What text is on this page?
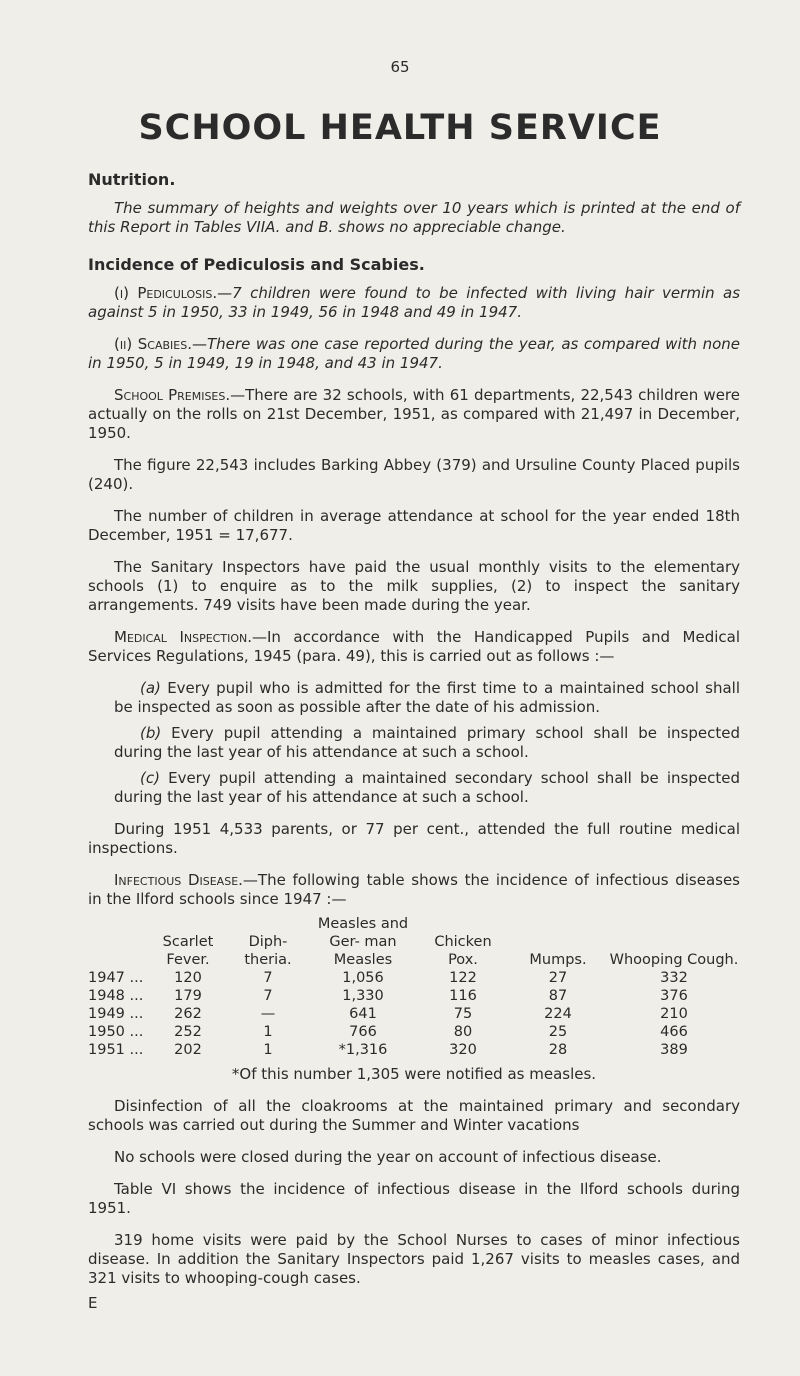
65
SCHOOL HEALTH SERVICE

Nutrition.

The summary of heights and weights over 10 years which is printed at the end of this Report in Tables VIIA. and B. shows no appreciable change.

Incidence of Pediculosis and Scabies.

(i) Pediculosis.—7 children were found to be infected with living hair vermin as against 5 in 1950, 33 in 1949, 56 in 1948 and 49 in 1947.

(ii) Scabies.—There was one case reported during the year, as compared with none in 1950, 5 in 1949, 19 in 1948, and 43 in 1947.

School Premises.—There are 32 schools, with 61 departments, 22,543 children were actually on the rolls on 21st December, 1951, as compared with 21,497 in December, 1950.

The figure 22,543 includes Barking Abbey (379) and Ursuline County Placed pupils (240).

The number of children in average attendance at school for the year ended 18th December, 1951 = 17,677.

The Sanitary Inspectors have paid the usual monthly visits to the elementary schools (1) to enquire as to the milk supplies, (2) to inspect the sanitary arrangements. 749 visits have been made during the year.

Medical Inspection.—In accordance with the Handicapped Pupils and Medical Services Regulations, 1945 (para. 49), this is carried out as follows :—

(a) Every pupil who is admitted for the first time to a maintained school shall be inspected as soon as possible after the date of his admission.

(b) Every pupil attending a maintained primary school shall be inspected during the last year of his attendance at such a school.

(c) Every pupil attending a maintained secondary school shall be inspected during the last year of his attendance at such a school.

During 1951 4,533 parents, or 77 per cent., attended the full routine medical inspections.

Infectious Disease.—The following table shows the incidence of infectious diseases in the Ilford schools since 1947 :—

	Scarlet Fever.	Diph- theria.	Measles and Ger- man Measles	Chicken Pox.	Mumps.	Whooping Cough.
1947 ...	120	7	1,056	122	27	332
1948 ...	179	7	1,330	116	87	376
1949 ...	262	—	641	75	224	210
1950 ...	252	1	766	80	25	466
1951 ...	202	1	*1,316	320	28	389

*Of this number 1,305 were notified as measles.

Disinfection of all the cloakrooms at the maintained primary and secondary schools was carried out during the Summer and Winter vacations

No schools were closed during the year on account of infectious disease.

Table VI shows the incidence of infectious disease in the Ilford schools during 1951.

319 home visits were paid by the School Nurses to cases of minor infectious disease. In addition the Sanitary Inspectors paid 1,267 visits to measles cases, and 321 visits to whooping-cough cases.

E
